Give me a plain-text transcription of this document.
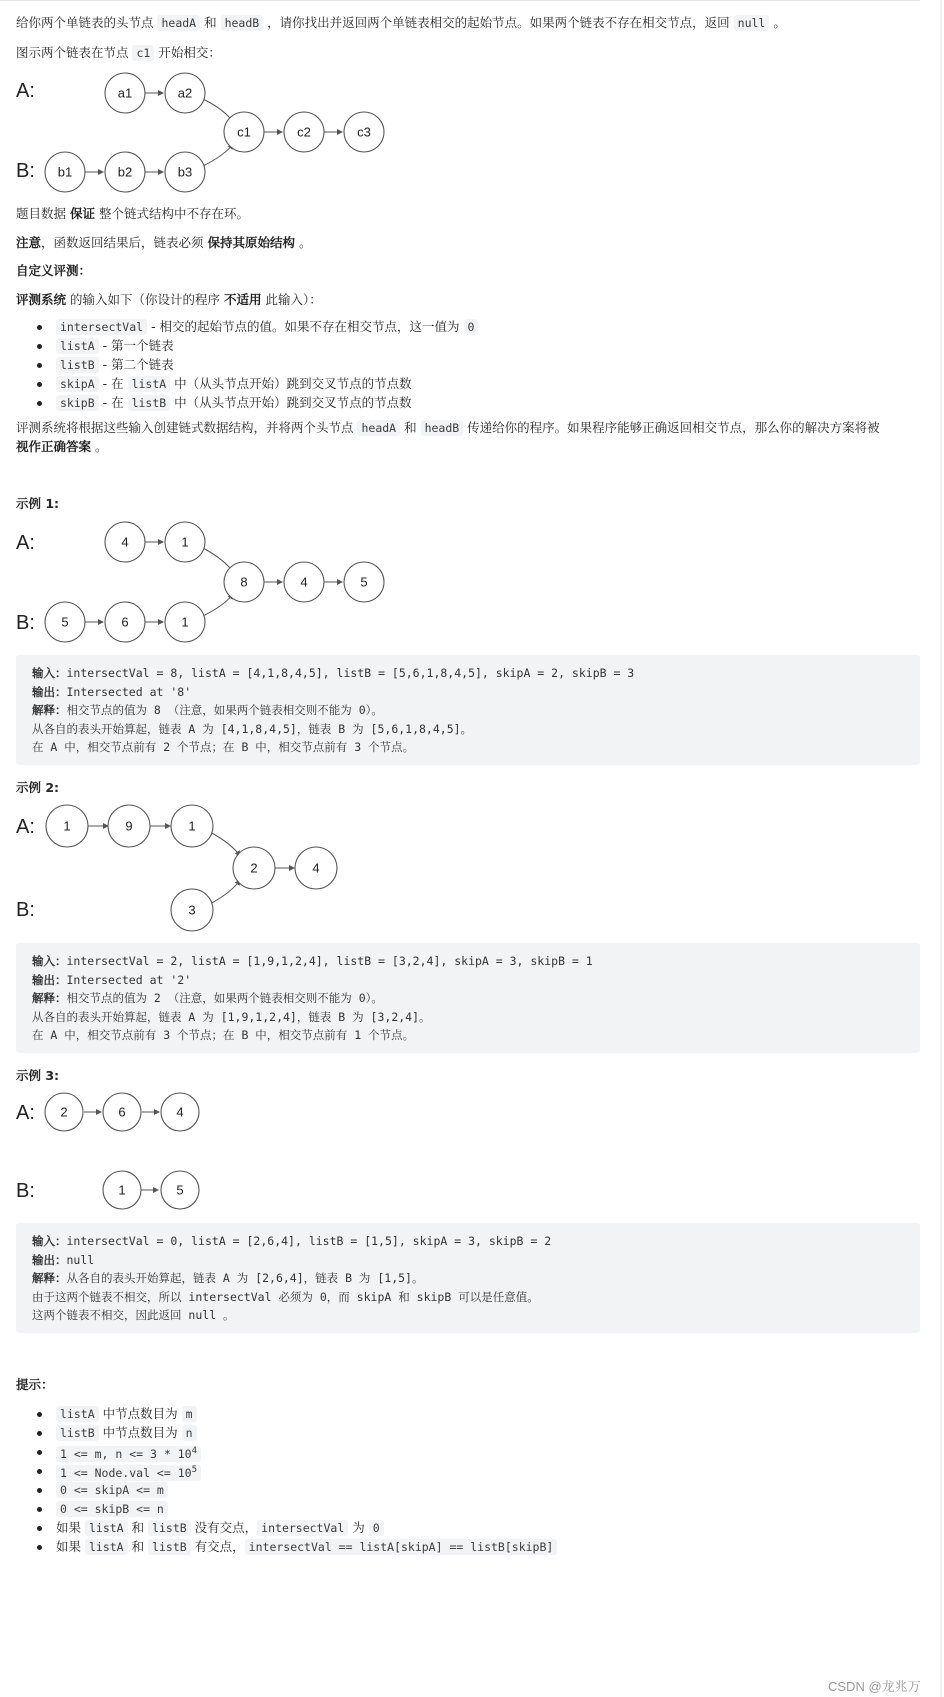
给你两个单链表的头节点 headA 和 headB ，请你找出并返回两个单链表相交的起始节点。如果两个链表不存在相交节点，返回 null 。
图示两个链表在节点 c1 开始相交：
A:
B:
a1	a2
b1	b2	b3
c1	c2	c3
题目数据 保证 整个链式结构中不存在环。
注意，函数返回结果后，链表必须 保持其原始结构 。
自定义评测：
评测系统 的输入如下（你设计的程序 不适用 此输入）：
intersectVal - 相交的起始节点的值。如果不存在相交节点，这一值为 0
listA - 第一个链表
listB - 第二个链表
skipA - 在 listA 中（从头节点开始）跳到交叉节点的节点数
skipB - 在 listB 中（从头节点开始）跳到交叉节点的节点数
评测系统将根据这些输入创建链式数据结构，并将两个头节点 headA 和 headB 传递给你的程序。如果程序能够正确返回相交节点，那么你的解决方案将被
视作正确答案 。
示例 1:
A:
B:
4	1
5	6	1
8	4	5
输入：intersectVal = 8, listA = [4,1,8,4,5], listB = [5,6,1,8,4,5], skipA = 2, skipB = 3
输出：Intersected at '8'
解释：相交节点的值为 8 （注意，如果两个链表相交则不能为 0）。
从各自的表头开始算起，链表 A 为 [4,1,8,4,5]，链表 B 为 [5,6,1,8,4,5]。
在 A 中，相交节点前有 2 个节点；在 B 中，相交节点前有 3 个节点。
示例 2:
A:
B:
1	9	1
3
2	4
输入：intersectVal = 2, listA = [1,9,1,2,4], listB = [3,2,4], skipA = 3, skipB = 1
输出：Intersected at '2'
解释：相交节点的值为 2 （注意，如果两个链表相交则不能为 0）。
从各自的表头开始算起，链表 A 为 [1,9,1,2,4]，链表 B 为 [3,2,4]。
在 A 中，相交节点前有 3 个节点；在 B 中，相交节点前有 1 个节点。
示例 3:
A:
B:
2	6	4
1	5
输入：intersectVal = 0, listA = [2,6,4], listB = [1,5], skipA = 3, skipB = 2
输出：null
解释：从各自的表头开始算起，链表 A 为 [2,6,4]，链表 B 为 [1,5]。
由于这两个链表不相交，所以 intersectVal 必须为 0，而 skipA 和 skipB 可以是任意值。
这两个链表不相交，因此返回 null 。
提示：
listA 中节点数目为 m
listB 中节点数目为 n
1 <= m, $n <= 3 * 10^4$
1 <= Node.val <= $10^5$
0 <= skipA <= m
0 <= skipB <= n
如果 listA 和 listB 没有交点， intersectVal 为 0
如果 listA 和 listB 有交点， intersectVal == listA[skipA] == listB[skipB]
CSDN @龙兆万
